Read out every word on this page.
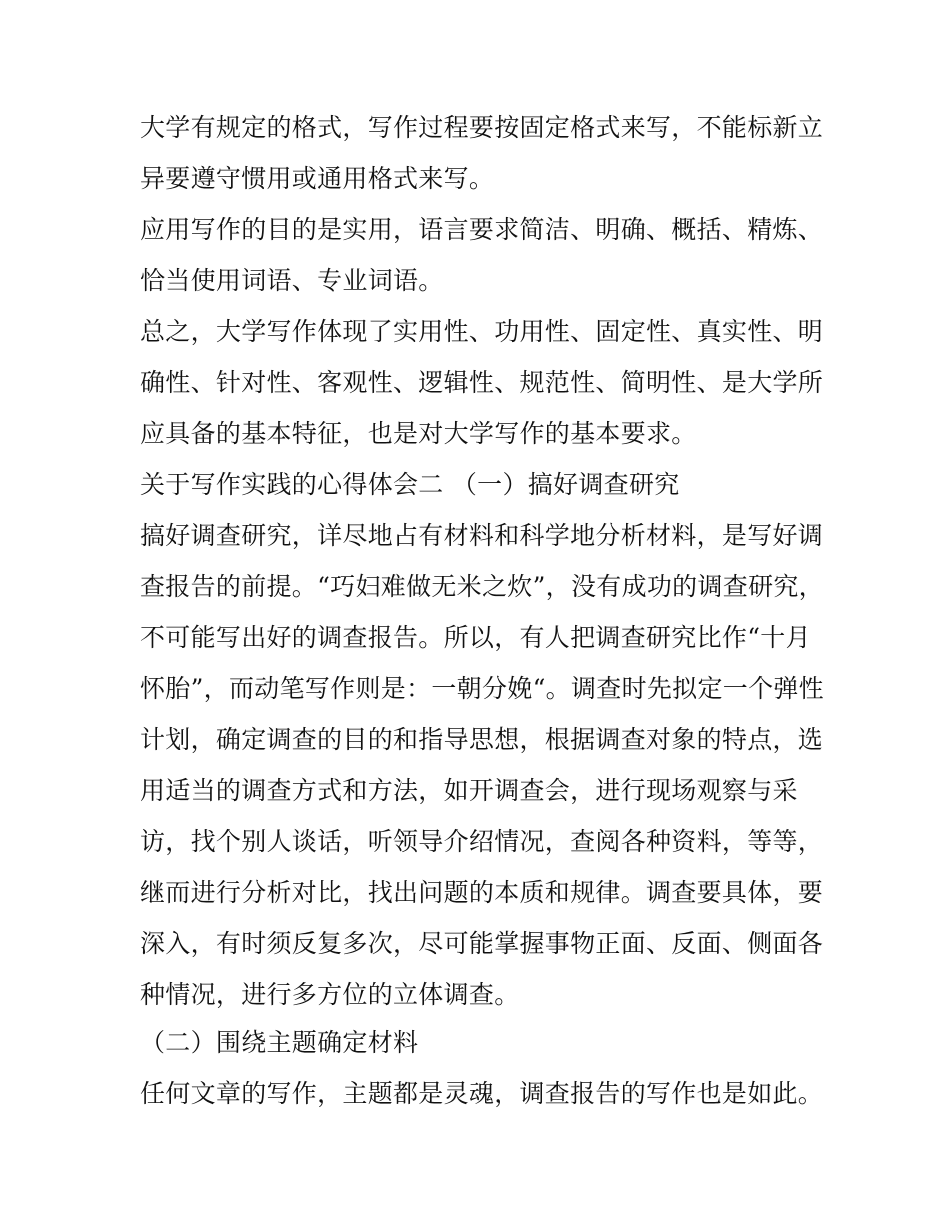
大学有规定的格式，写作过程要按固定格式来写，不能标新立
异要遵守惯用或通用格式来写。
应用写作的目的是实用，语言要求简洁、明确、概括、精炼、
恰当使用词语、专业词语。
总之，大学写作体现了实用性、功用性、固定性、真实性、明
确性、针对性、客观性、逻辑性、规范性、简明性、是大学所
应具备的基本特征，也是对大学写作的基本要求。
关于写作实践的心得体会二 （一）搞好调查研究
搞好调查研究，详尽地占有材料和科学地分析材料，是写好调
查报告的前提。“巧妇难做无米之炊”，没有成功的调查研究，
不可能写出好的调查报告。所以，有人把调查研究比作“十月
怀胎”，而动笔写作则是：一朝分娩“。调查时先拟定一个弹性
计划，确定调查的目的和指导思想，根据调查对象的特点，选
用适当的调查方式和方法，如开调查会，进行现场观察与采
访，找个别人谈话，听领导介绍情况，查阅各种资料，等等，
继而进行分析对比，找出问题的本质和规律。调查要具体，要
深入，有时须反复多次，尽可能掌握事物正面、反面、侧面各
种情况，进行多方位的立体调查。
（二）围绕主题确定材料
任何文章的写作，主题都是灵魂，调查报告的写作也是如此。
